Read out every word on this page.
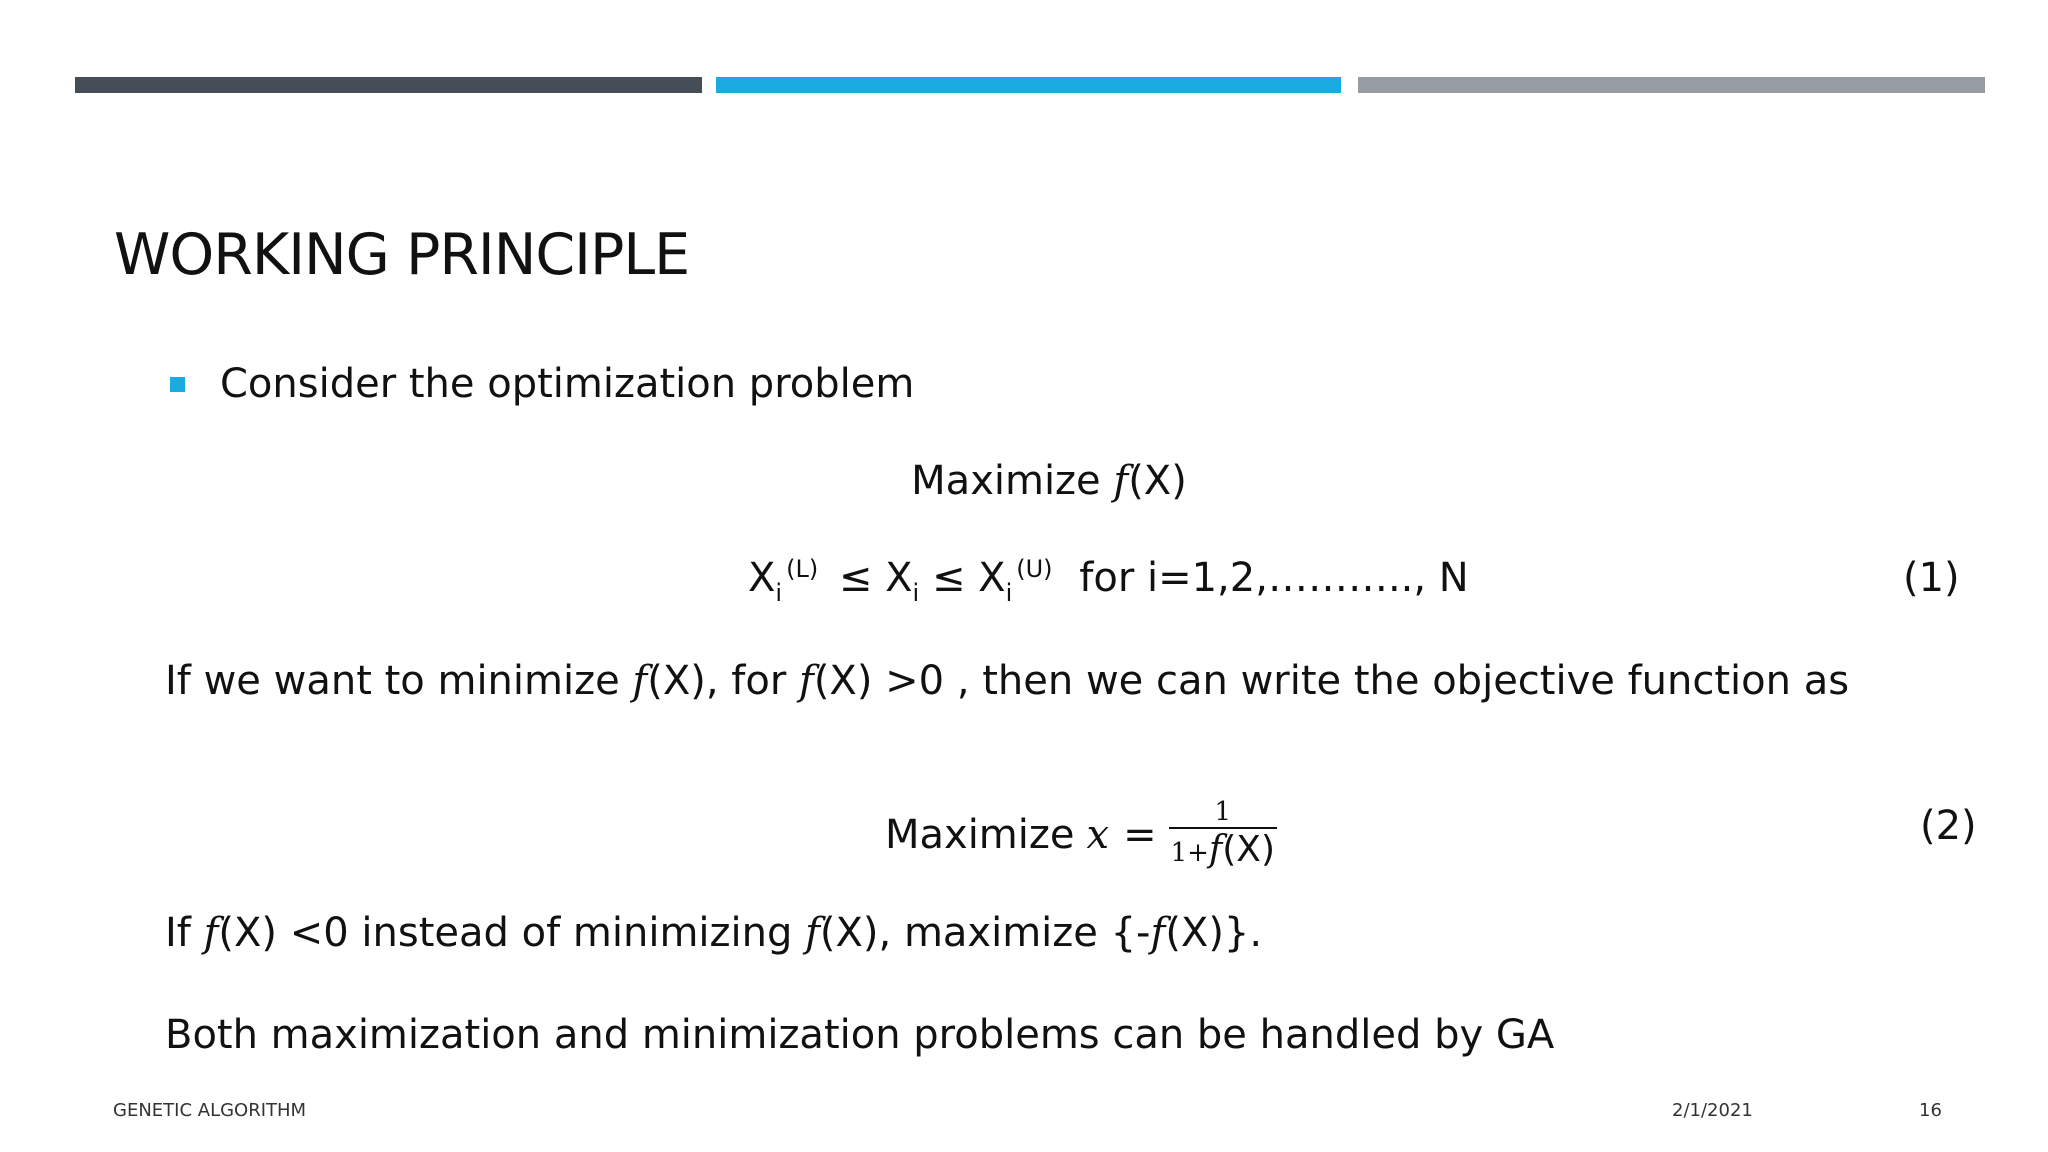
WORKING PRINCIPLE
Consider the optimization problem
Maximize f(X)
$X_i^{(L)} \le X_i \le X_i^{(U)}$ for i=1,2,……….., N	(1)
If we want to minimize f(X), for f(X) >0 , then we can write the objective function as
Maximize $x = \frac{1}{1+f(X)}$	(2)
If f(X) <0 instead of minimizing f(X), maximize {-f(X)}.
Both maximization and minimization problems can be handled by GA
GENETIC ALGORITHM	2/1/2021	16
